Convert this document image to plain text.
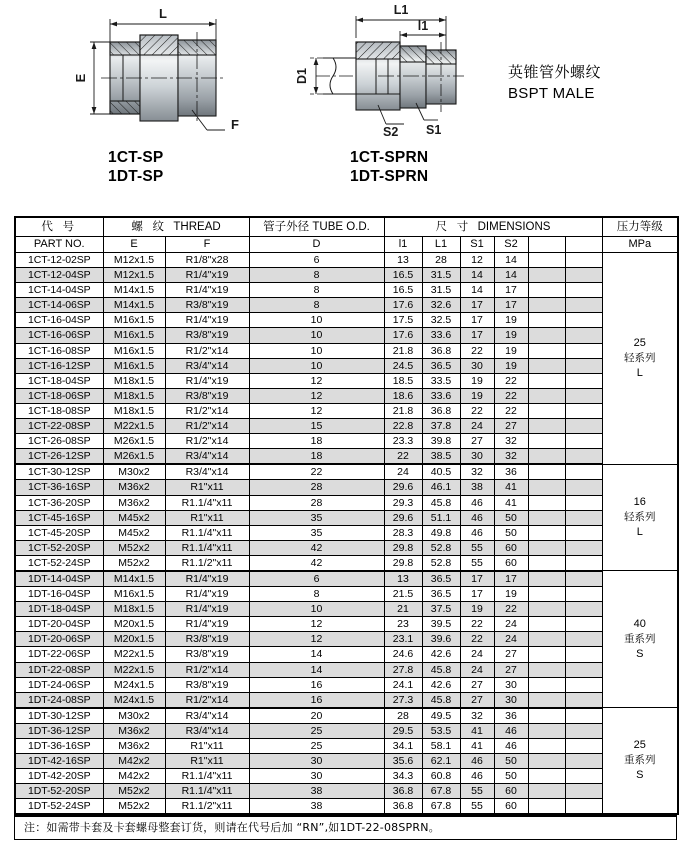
L
E
F
L1
l1
D1
S2 S1
1CT-SP
1DT-SP
1CT-SPRN
1DT-SPRN
英锥管外螺纹
BSPT MALE
代 号	螺 纹 THREAD		管子外径 TUBE O.D.	尺 寸 DIMENSIONS						压力等级
PART NO.	E	F	D	l1	L1	S1	S2			MPa
1CT-12-02SP	M12x1.5	R1/8"x28	6	13	28	12	14			25
轻系列
L

1CT-12-04SP	M12x1.5	R1/4"x19	8	16.5	31.5	14	14			
1CT-14-04SP	M14x1.5	R1/4"x19	8	16.5	31.5	14	17			
1CT-14-06SP	M14x1.5	R3/8"x19	8	17.6	32.6	17	17			
1CT-16-04SP	M16x1.5	R1/4"x19	10	17.5	32.5	17	19			
1CT-16-06SP	M16x1.5	R3/8"x19	10	17.6	33.6	17	19			
1CT-16-08SP	M16x1.5	R1/2"x14	10	21.8	36.8	22	19			
1CT-16-12SP	M16x1.5	R3/4"x14	10	24.5	36.5	30	19			
1CT-18-04SP	M18x1.5	R1/4"x19	12	18.5	33.5	19	22			
1CT-18-06SP	M18x1.5	R3/8"x19	12	18.6	33.6	19	22			
1CT-18-08SP	M18x1.5	R1/2"x14	12	21.8	36.8	22	22			
1CT-22-08SP	M22x1.5	R1/2"x14	15	22.8	37.8	24	27			
1CT-26-08SP	M26x1.5	R1/2"x14	18	23.3	39.8	27	32			
1CT-26-12SP	M26x1.5	R3/4"x14	18	22	38.5	30	32			
1CT-30-12SP	M30x2	R3/4"x14	22	24	40.5	32	36			16
轻系列
L

1CT-36-16SP	M36x2	R1"x11	28	29.6	46.1	38	41			
1CT-36-20SP	M36x2	R1.1/4"x11	28	29.3	45.8	46	41			
1CT-45-16SP	M45x2	R1"x11	35	29.6	51.1	46	50			
1CT-45-20SP	M45x2	R1.1/4"x11	35	28.3	49.8	46	50			
1CT-52-20SP	M52x2	R1.1/4"x11	42	29.8	52.8	55	60			
1CT-52-24SP	M52x2	R1.1/2"x11	42	29.8	52.8	55	60			
1DT-14-04SP	M14x1.5	R1/4"x19	6	13	36.5	17	17			40
重系列
S

1DT-16-04SP	M16x1.5	R1/4"x19	8	21.5	36.5	17	19			
1DT-18-04SP	M18x1.5	R1/4"x19	10	21	37.5	19	22			
1DT-20-04SP	M20x1.5	R1/4"x19	12	23	39.5	22	24			
1DT-20-06SP	M20x1.5	R3/8"x19	12	23.1	39.6	22	24			
1DT-22-06SP	M22x1.5	R3/8"x19	14	24.6	42.6	24	27			
1DT-22-08SP	M22x1.5	R1/2"x14	14	27.8	45.8	24	27			
1DT-24-06SP	M24x1.5	R3/8"x19	16	24.1	42.6	27	30			
1DT-24-08SP	M24x1.5	R1/2"x14	16	27.3	45.8	27	30			
1DT-30-12SP	M30x2	R3/4"x14	20	28	49.5	32	36			25
重系列
S

1DT-36-12SP	M36x2	R3/4"x14	25	29.5	53.5	41	46			
1DT-36-16SP	M36x2	R1"x11	25	34.1	58.1	41	46			
1DT-42-16SP	M42x2	R1"x11	30	35.6	62.1	46	50			
1DT-42-20SP	M42x2	R1.1/4"x11	30	34.3	60.8	46	50			
1DT-52-20SP	M52x2	R1.1/4"x11	38	36.8	67.8	55	60			
1DT-52-24SP	M52x2	R1.1/2"x11	38	36.8	67.8	55	60			
注：如需带卡套及卡套螺母整套订货，则请在代号后加 “RN”,如1DT-22-08SPRN。
